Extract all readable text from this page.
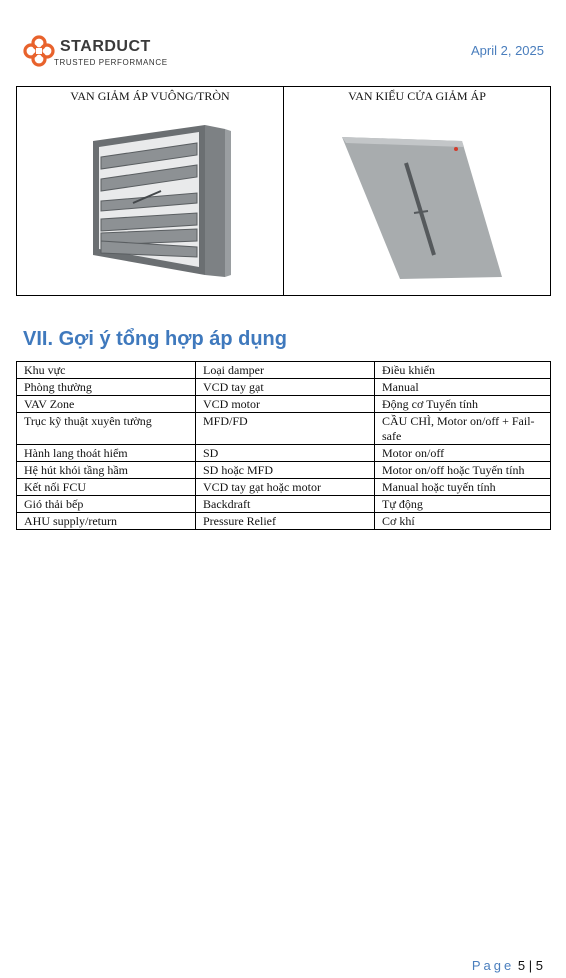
STARDUCT
TRUSTED PERFORMANCE
April 2, 2025
VAN GIẢM ÁP VUÔNG/TRÒN	VAN KIỂU CỬA GIẢM ÁP
VII. Gợi ý tổng hợp áp dụng
Khu vực	Loại damper	Điều khiển
Phòng thường	VCD tay gạt	Manual
VAV Zone	VCD motor	Động cơ Tuyến tính
Trục kỹ thuật xuyên tường	MFD/FD	CẦU CHÌ, Motor on/off + Fail-safe
Hành lang thoát hiểm	SD	Motor on/off
Hệ hút khói tầng hầm	SD hoặc MFD	Motor on/off hoặc Tuyến tính
Kết nối FCU	VCD tay gạt hoặc motor	Manual hoặc tuyến tính
Gió thải bếp	Backdraft	Tự động
AHU supply/return	Pressure Relief	Cơ khí
Page 5 | 5
